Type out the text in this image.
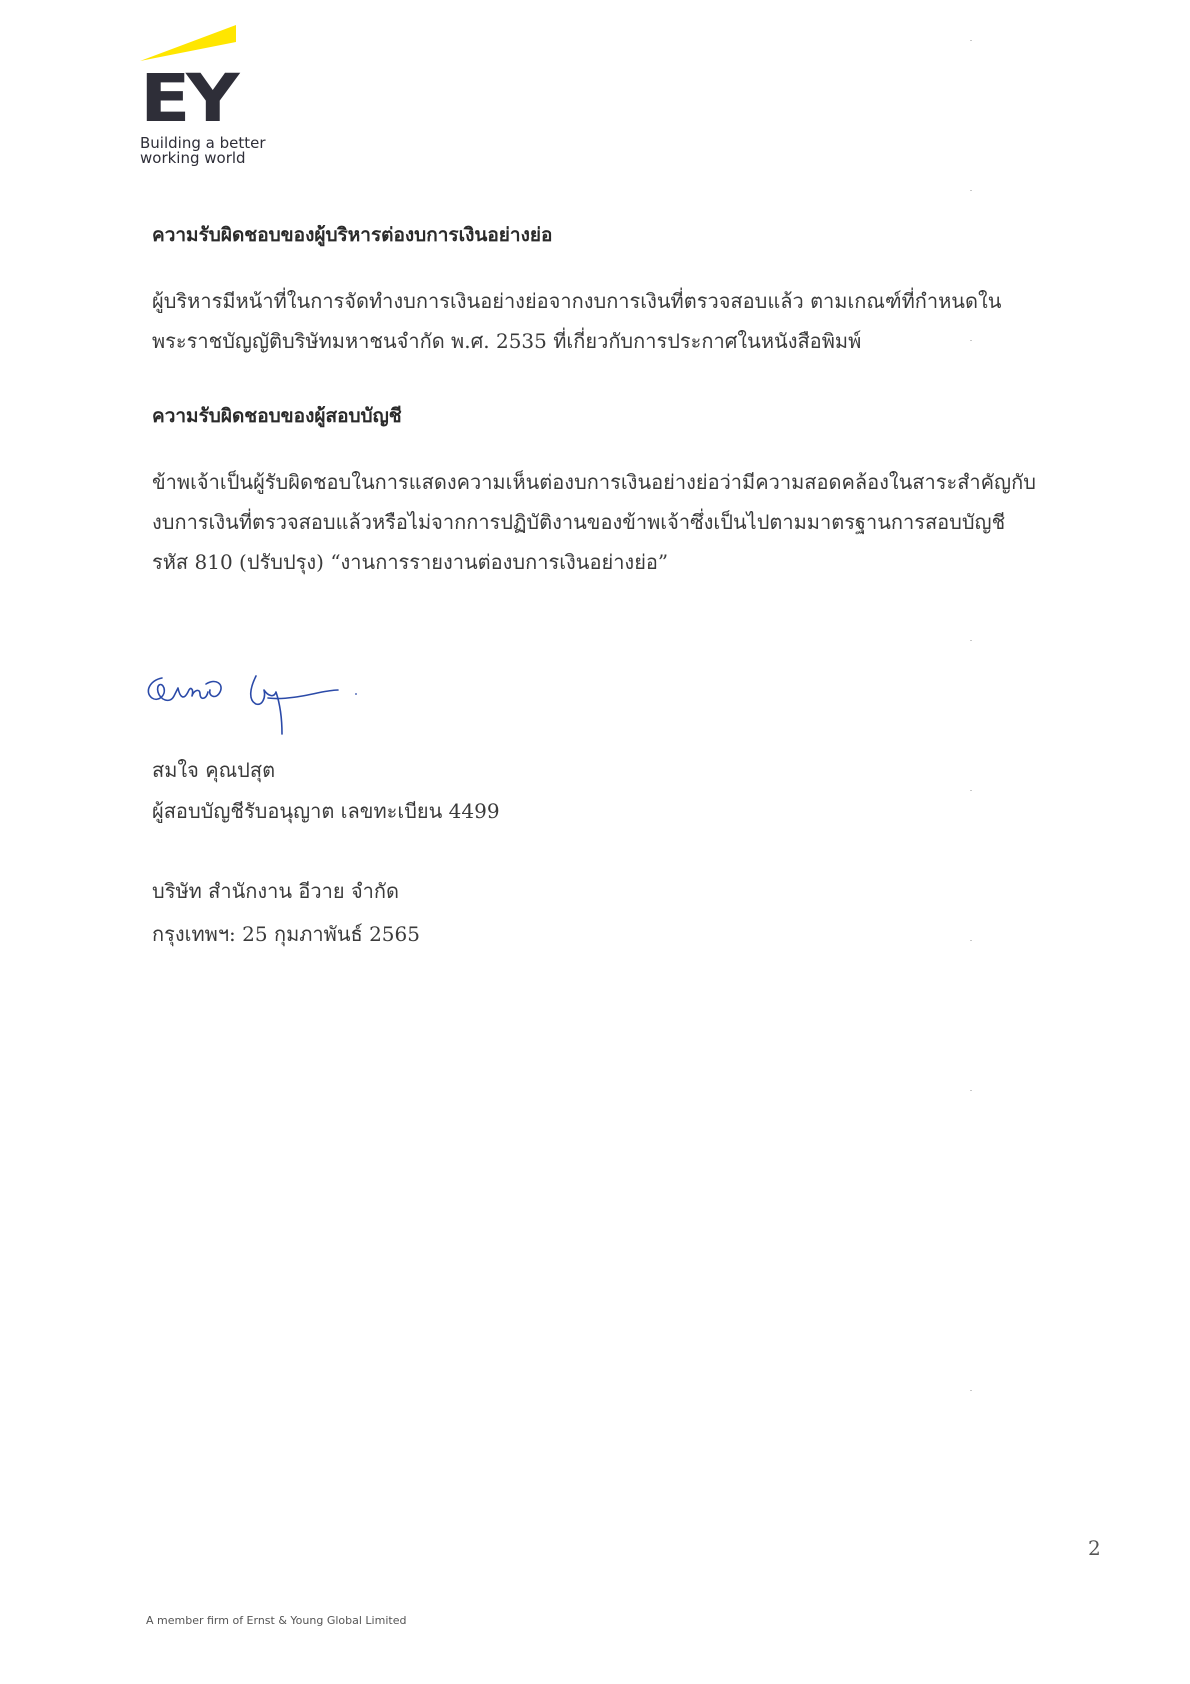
EY
Building a better
working world
ความรับผิดชอบของผู้บริหารต่องบการเงินอย่างย่อ
ผู้บริหารมีหน้าที่ในการจัดทำงบการเงินอย่างย่อจากงบการเงินที่ตรวจสอบแล้ว ตามเกณฑ์ที่กำหนดใน
พระราชบัญญัติบริษัทมหาชนจำกัด พ.ศ. 2535 ที่เกี่ยวกับการประกาศในหนังสือพิมพ์
ความรับผิดชอบของผู้สอบบัญชี
ข้าพเจ้าเป็นผู้รับผิดชอบในการแสดงความเห็นต่องบการเงินอย่างย่อว่ามีความสอดคล้องในสาระสำคัญกับ
งบการเงินที่ตรวจสอบแล้วหรือไม่จากการปฏิบัติงานของข้าพเจ้าซึ่งเป็นไปตามมาตรฐานการสอบบัญชี
รหัส 810 (ปรับปรุง) “งานการรายงานต่องบการเงินอย่างย่อ”
สมใจ คุณปสุต
ผู้สอบบัญชีรับอนุญาต เลขทะเบียน 4499
บริษัท สำนักงาน อีวาย จำกัด
กรุงเทพฯ: 25 กุมภาพันธ์ 2565
2
A member firm of Ernst & Young Global Limited
